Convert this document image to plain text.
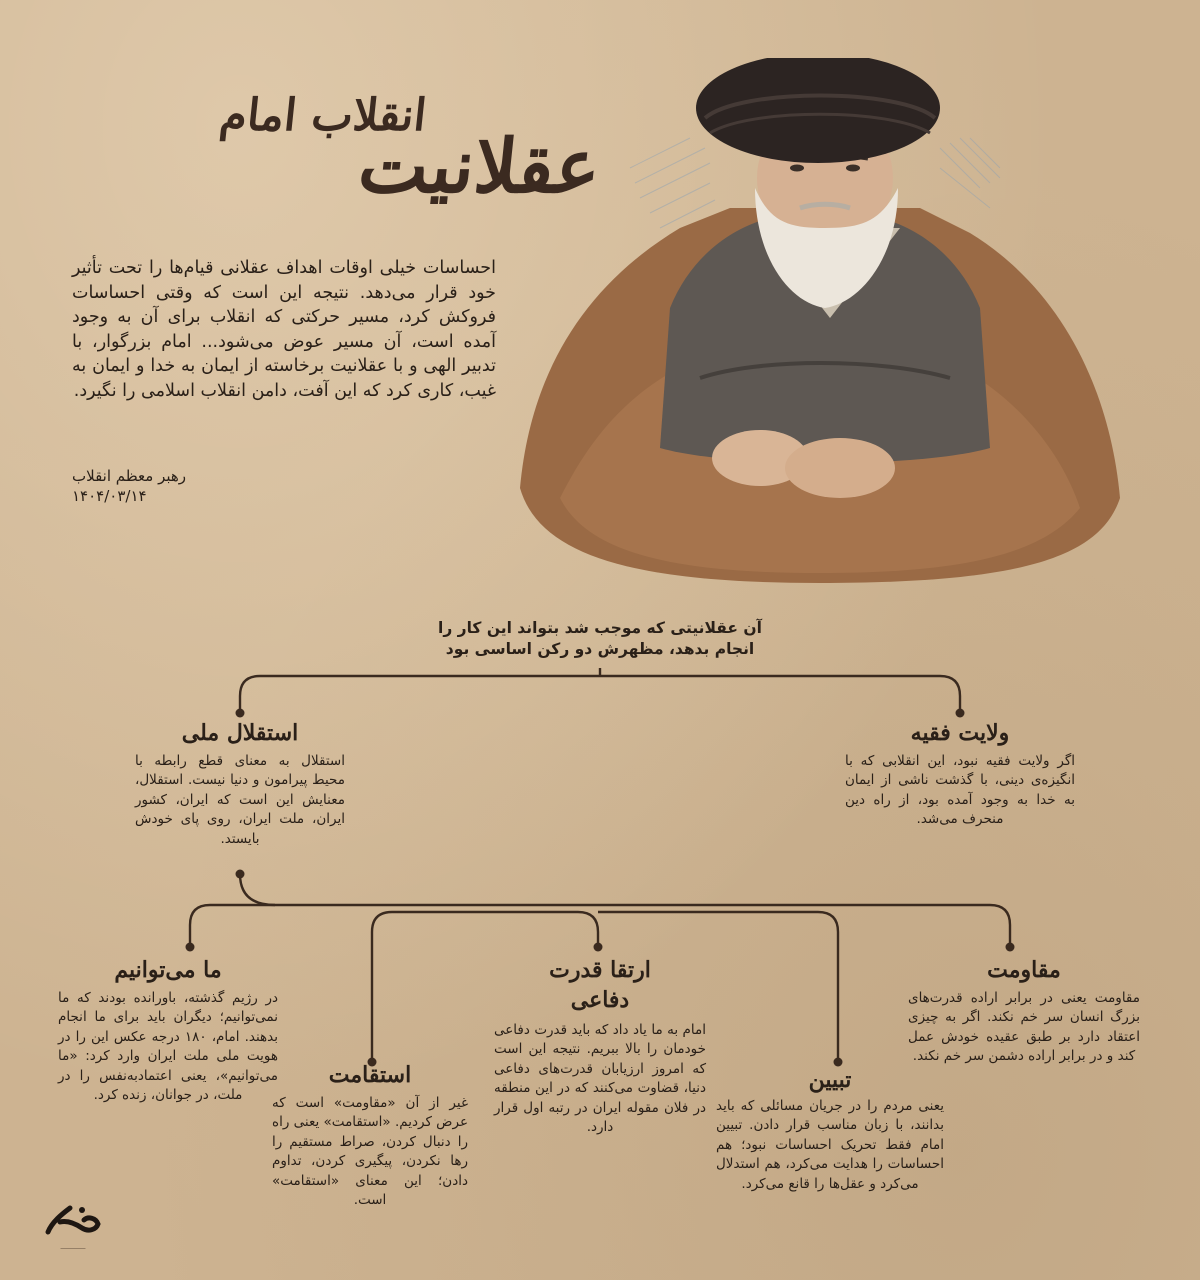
انقلاب امام
عقلانیت
احساسات خیلی اوقات اهداف عقلانی قیام‌ها را تحت تأثیر خود قرار می‌دهد. نتیجه این است که وقتی احساسات فروکش کرد، مسیر حرکتی که انقلاب برای آن به وجود آمده است، آن مسیر عوض می‌شود... امام بزرگوار، با تدبیر الهی و با عقلانیت برخاسته از ایمان به خدا و ایمان به غیب، کاری کرد که این آفت، دامن انقلاب اسلامی را نگیرد.
رهبر معظم انقلاب
۱۴۰۴/۰۳/۱۴
آن عقلانیتی که موجب شد بتواند این کار را
انجام بدهد، مظهرش دو رکن اساسی بود
ولایت فقیه
اگر ولایت فقیه نبود، این انقلابی که با انگیزه‌ی دینی، با گذشت ناشی از ایمان به خدا به وجود آمده بود، از راه دین منحرف می‌شد.
استقلال ملی
استقلال به معنای قطع رابطه با محیط پیرامون و دنیا نیست. استقلال، معنایش این است که ایران، کشور ایران، ملت ایران، روی پای خودش بایستد.
مقاومت
مقاومت یعنی در برابر اراده قدرت‌های بزرگ انسان سر خم نکند. اگر به چیزی اعتقاد دارد بر طبق عقیده خودش عمل کند و در برابر اراده دشمن سر خم نکند.
تبیین
یعنی مردم را در جریان مسائلی که باید بدانند، با زبان مناسب قرار دادن. تبیین امام فقط تحریک احساسات نبود؛ هم احساسات را هدایت می‌کرد، هم استدلال می‌کرد و عقل‌ها را قانع می‌کرد.
ارتقا قدرت دفاعی
امام به ما یاد داد که باید قدرت دفاعی خودمان را بالا ببریم. نتیجه این است که امروز ارزیابان قدرت‌های دفاعی دنیا، قضاوت می‌کنند که در این منطقه در فلان مقوله ایران در رتبه اول قرار دارد.
استقامت
غیر از آن «مقاومت» است که عرض کردیم. «استقامت» یعنی راه را دنبال کردن، صراط مستقیم را رها نکردن، پیگیری کردن، تداوم دادن؛ این معنای «استقامت» است.
ما می‌توانیم
در رژیم گذشته، باورانده بودند که ما نمی‌توانیم؛ دیگران باید برای ما انجام بدهند. امام، ۱۸۰ درجه عکس این را در هویت ملی ملت ایران وارد کرد: «ما می‌توانیم»، یعنی اعتمادبه‌نفس را در ملت، در جوانان، زنده کرد.
―――――
